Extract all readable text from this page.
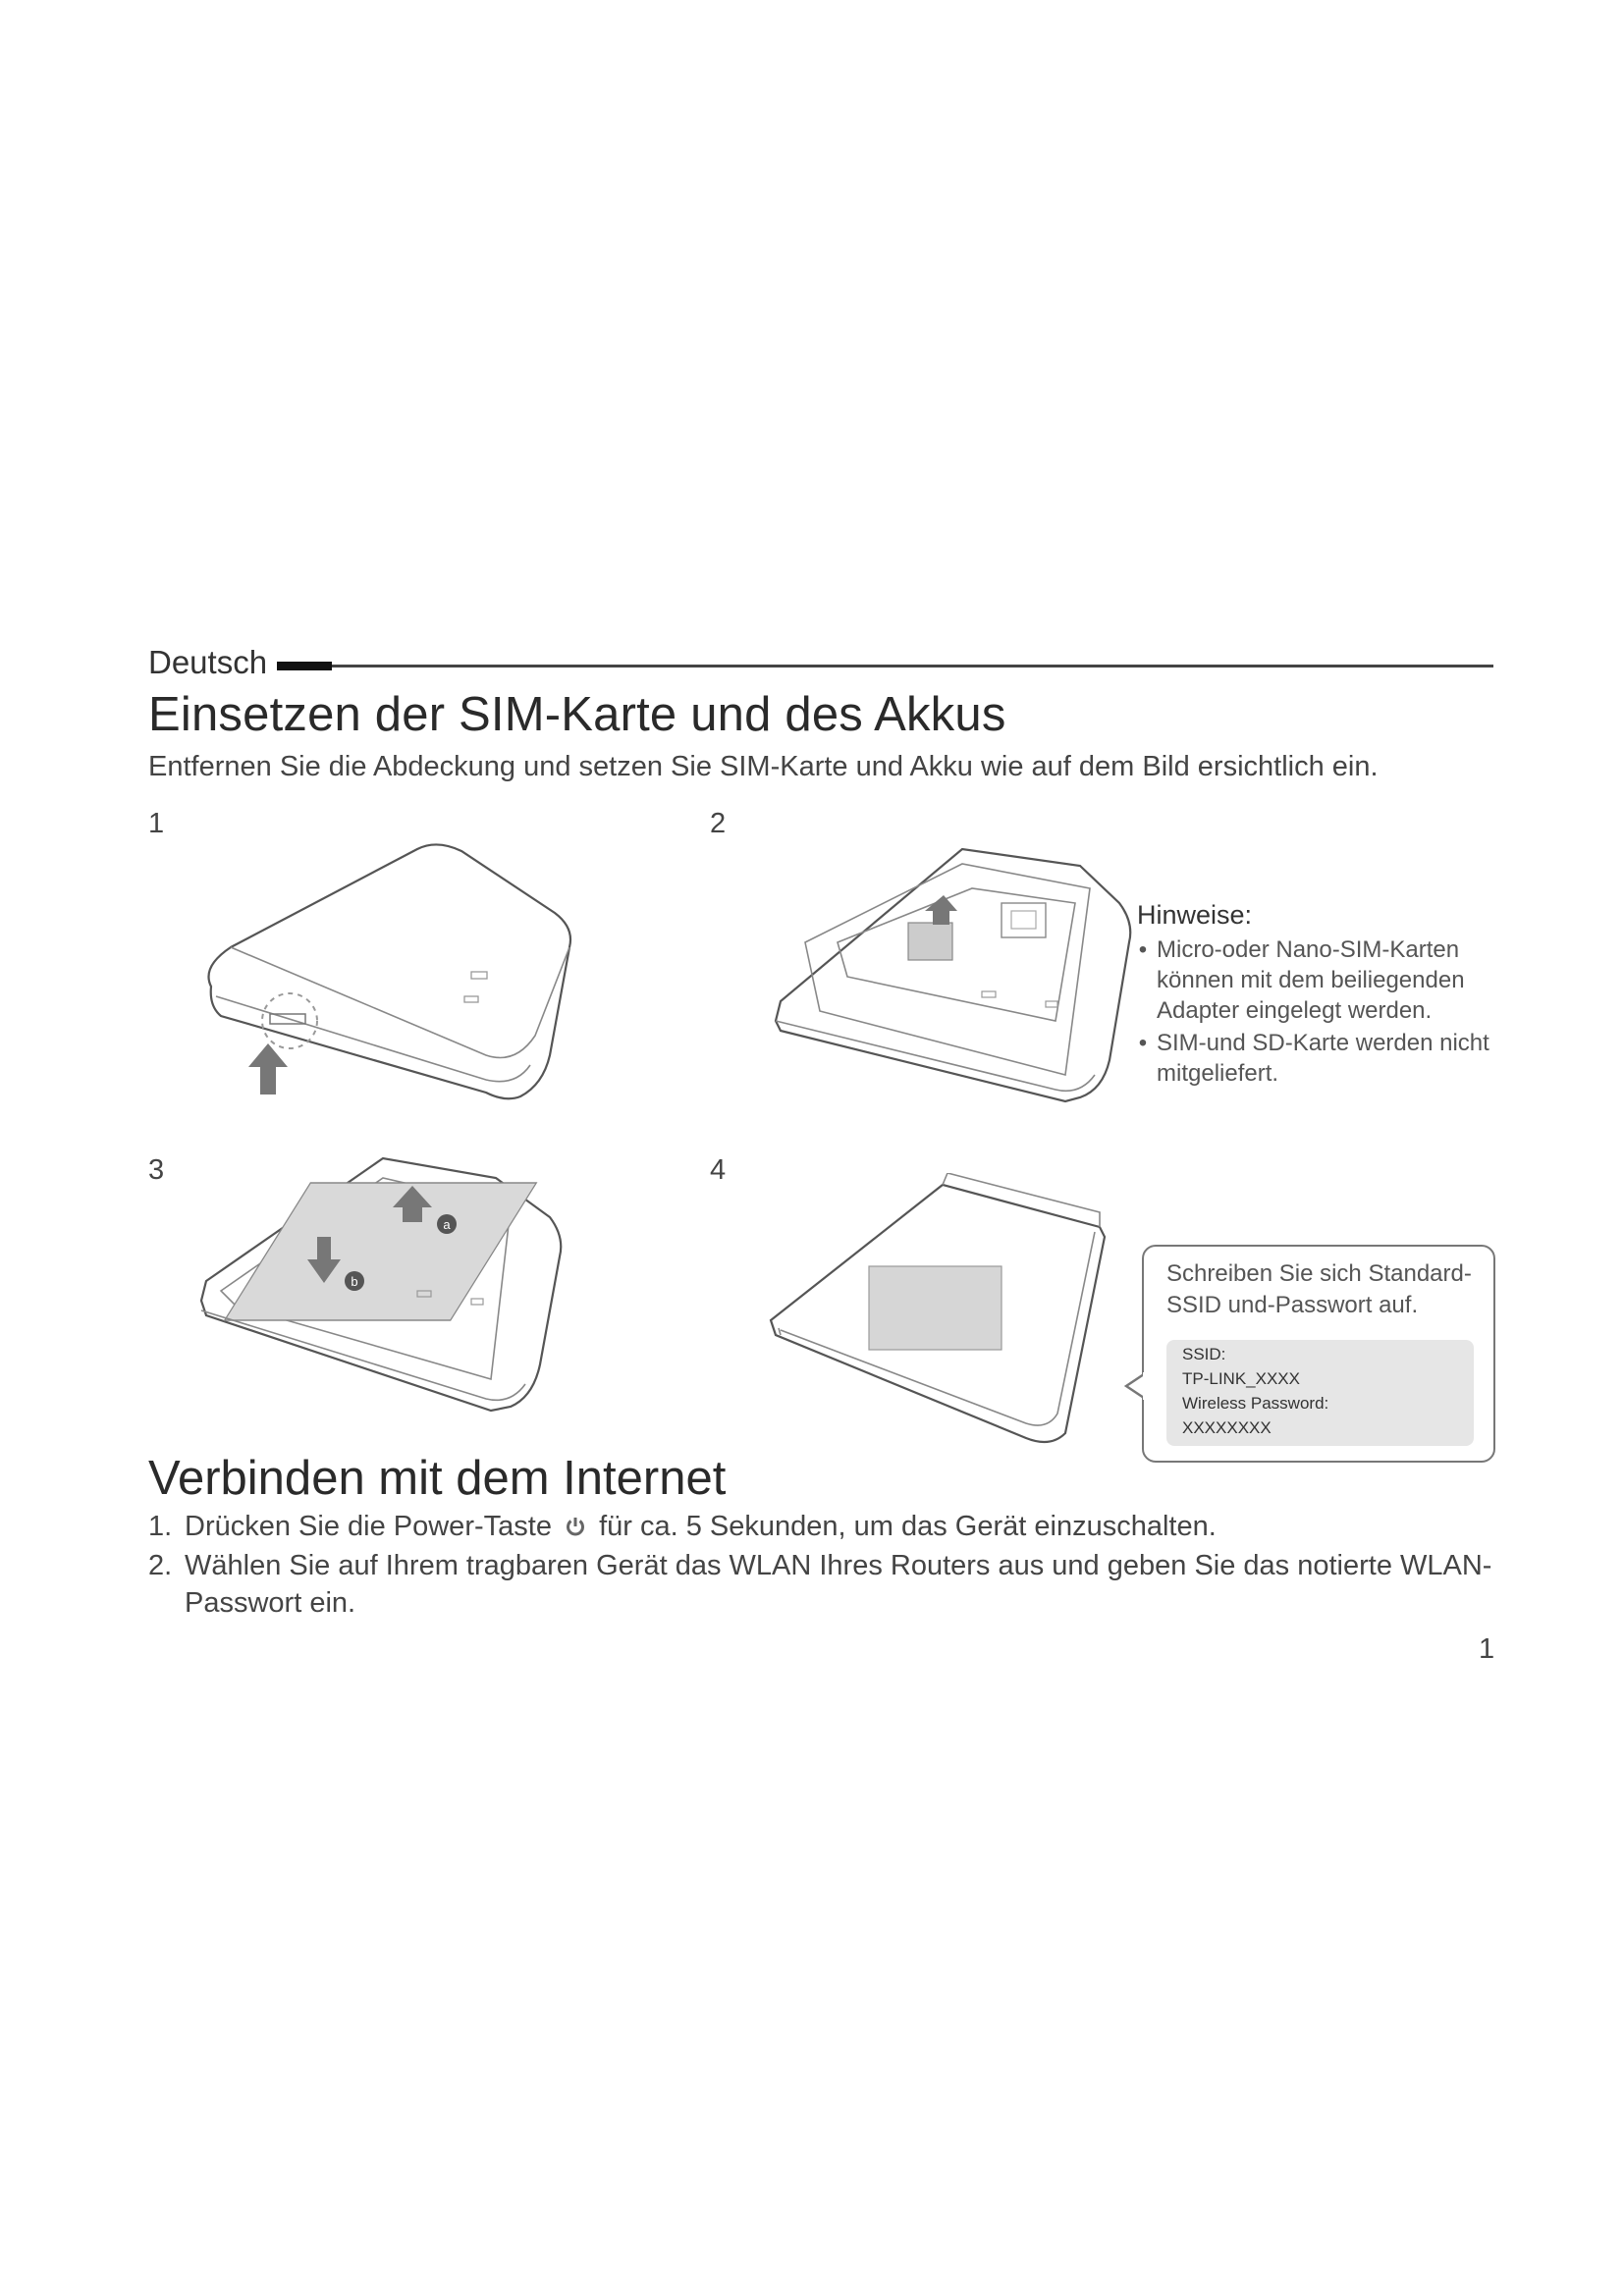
Deutsch
Einsetzen der SIM-Karte und des Akkus
Entfernen Sie die Abdeckung und setzen Sie SIM-Karte und Akku wie auf dem Bild ersichtlich ein.
1	2
3	4
Hinweise:
• Micro-oder Nano-SIM-Karten können mit dem beiliegenden Adapter eingelegt werden.
• SIM-und SD-Karte werden nicht mitgeliefert.
a
b	Schreiben Sie sich Standard-SSID und-Passwort auf.
SSID:
TP-LINK_XXXX
Wireless Password:
XXXXXXXX
Verbinden mit dem Internet
1. Drücken Sie die Power-Taste für ca. 5 Sekunden, um das Gerät einzuschalten.
2. Wählen Sie auf Ihrem tragbaren Gerät das WLAN Ihres Routers aus und geben Sie das notierte WLAN-Passwort ein.
1
